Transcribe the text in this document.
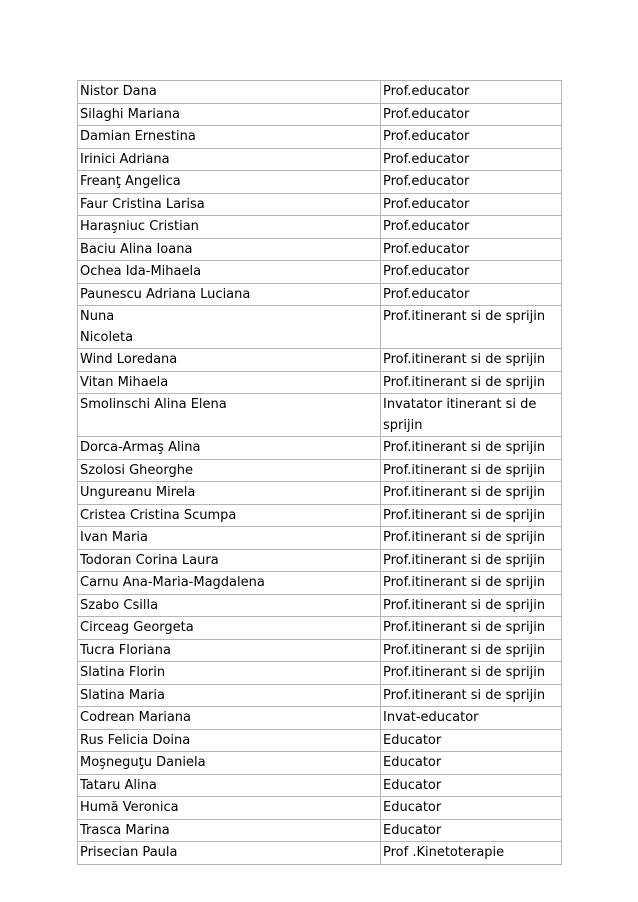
Nistor Dana	Prof.educator
Silaghi Mariana	Prof.educator
Damian Ernestina	Prof.educator
Irinici Adriana	Prof.educator
Freanţ Angelica	Prof.educator
Faur Cristina Larisa	Prof.educator
Haraşniuc Cristian	Prof.educator
Baciu Alina Ioana	Prof.educator
Ochea Ida-Mihaela	Prof.educator
Paunescu Adriana Luciana	Prof.educator
Nuna Nicoleta	Prof.itinerant si de sprijin
Wind Loredana	Prof.itinerant si de sprijin
Vitan Mihaela	Prof.itinerant si de sprijin
Smolinschi Alina Elena	Invatator itinerant si de sprijin
Dorca-Armaş Alina	Prof.itinerant si de sprijin
Szolosi Gheorghe	Prof.itinerant si de sprijin
Ungureanu Mirela	Prof.itinerant si de sprijin
Cristea Cristina Scumpa	Prof.itinerant si de sprijin
Ivan Maria	Prof.itinerant si de sprijin
Todoran Corina Laura	Prof.itinerant si de sprijin
Carnu Ana-Maria-Magdalena	Prof.itinerant si de sprijin
Szabo Csilla	Prof.itinerant si de sprijin
Circeag Georgeta	Prof.itinerant si de sprijin
Tucra Floriana	Prof.itinerant si de sprijin
Slatina Florin	Prof.itinerant si de sprijin
Slatina Maria	Prof.itinerant si de sprijin
Codrean Mariana	Invat-educator
Rus Felicia Doina	Educator
Moşneguţu Daniela	Educator
Tataru Alina	Educator
Humă Veronica	Educator
Trasca Marina	Educator
Prisecian Paula	Prof .Kinetoterapie
